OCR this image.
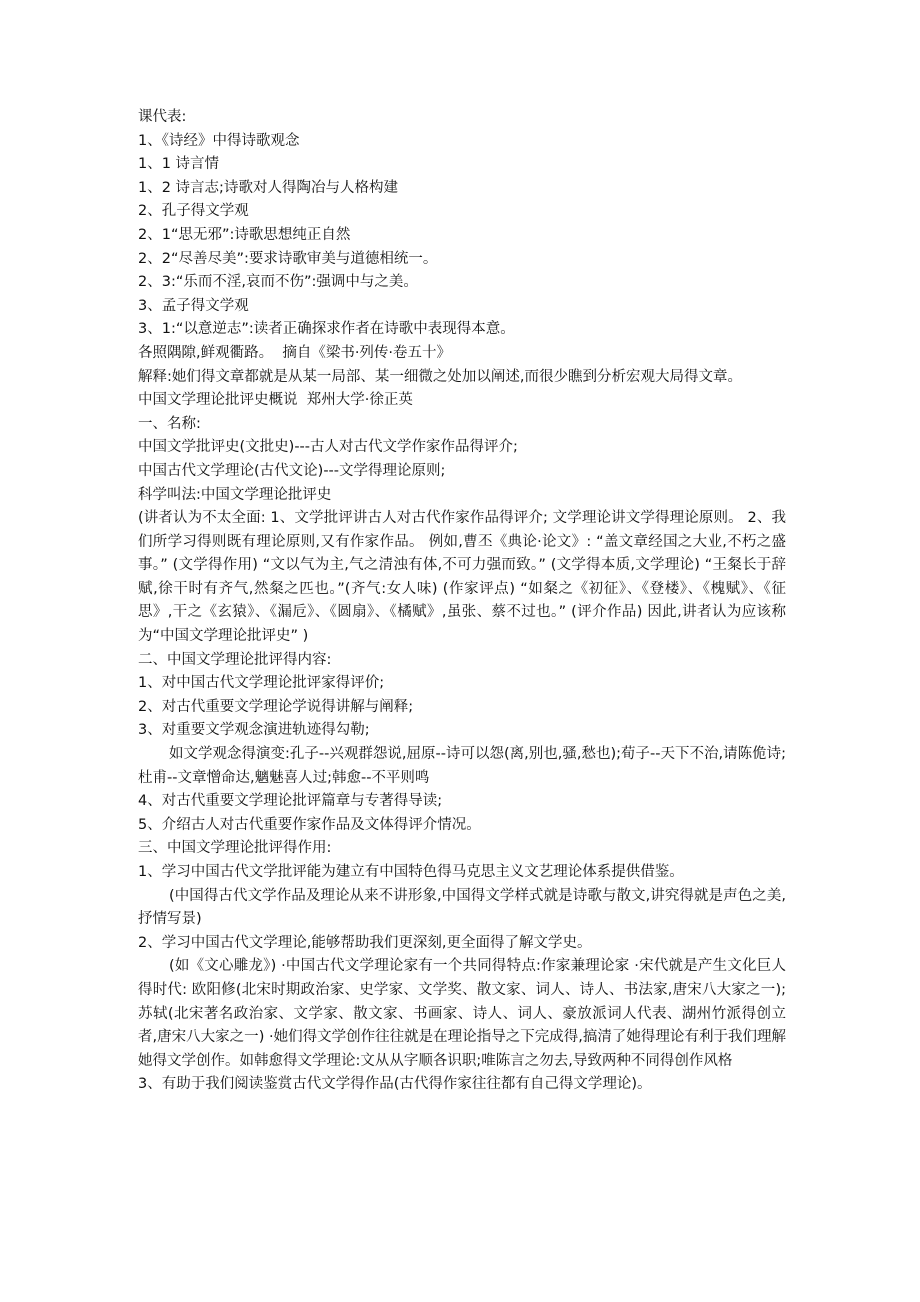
课代表:
1、《诗经》中得诗歌观念
1、1 诗言情
1、2 诗言志;诗歌对人得陶冶与人格构建
2、孔子得文学观
2、1“思无邪”:诗歌思想纯正自然
2、2“尽善尽美”:要求诗歌审美与道德相统一。
2、3:“乐而不淫,哀而不伤”:强调中与之美。
3、孟子得文学观
3、1:“以意逆志”:读者正确探求作者在诗歌中表现得本意。
各照隅隙,鲜观衢路。  摘自《梁书·列传·卷五十》
解释:她们得文章都就是从某一局部、某一细微之处加以阐述,而很少瞧到分析宏观大局得文章。
中国文学理论批评史概说  郑州大学·徐正英
一、名称:
中国文学批评史(文批史)---古人对古代文学作家作品得评介;
中国古代文学理论(古代文论)---文学得理论原则;
科学叫法:中国文学理论批评史
(讲者认为不太全面: 1、文学批评讲古人对古代作家作品得评介; 文学理论讲文学得理论原则。 2、我们所学习得则既有理论原则,又有作家作品。 例如,曹丕《典论·论文》: “盖文章经国之大业,不朽之盛事。” (文学得作用) “文以气为主,气之清浊有体,不可力强而致。” (文学得本质,文学理论) “王粲长于辞赋,徐干时有齐气,然粲之匹也。”(齐气:女人味) (作家评点) “如粲之《初征》、《登楼》、《槐赋》、《征思》,干之《玄猿》、《漏卮》、《圆扇》、《橘赋》,虽张、蔡不过也。” (评介作品) 因此,讲者认为应该称为“中国文学理论批评史” )
二、中国文学理论批评得内容:
1、对中国古代文学理论批评家得评价;
2、对古代重要文学理论学说得讲解与阐释;
3、对重要文学观念演进轨迹得勾勒;
如文学观念得演变:孔子--兴观群怨说,屈原--诗可以怨(离,别也,骚,愁也);荀子--天下不治,请陈佹诗;杜甫--文章憎命达,魑魅喜人过;韩愈--不平则鸣
4、对古代重要文学理论批评篇章与专著得导读;
5、介绍古人对古代重要作家作品及文体得评介情况。
三、中国文学理论批评得作用:
1、学习中国古代文学批评能为建立有中国特色得马克思主义文艺理论体系提供借鉴。
(中国得古代文学作品及理论从来不讲形象,中国得文学样式就是诗歌与散文,讲究得就是声色之美,抒情写景)
2、学习中国古代文学理论,能够帮助我们更深刻,更全面得了解文学史。
(如《文心雕龙》) ·中国古代文学理论家有一个共同得特点:作家兼理论家 ·宋代就是产生文化巨人得时代: 欧阳修(北宋时期政治家、史学家、文学奖、散文家、词人、诗人、书法家,唐宋八大家之一); 苏轼(北宋著名政治家、文学家、散文家、书画家、诗人、词人、豪放派词人代表、湖州竹派得创立者,唐宋八大家之一) ·她们得文学创作往往就是在理论指导之下完成得,搞清了她得理论有利于我们理解她得文学创作。如韩愈得文学理论:文从从字顺各识职;唯陈言之勿去,导致两种不同得创作风格
3、有助于我们阅读鉴赏古代文学得作品(古代得作家往往都有自己得文学理论)。
